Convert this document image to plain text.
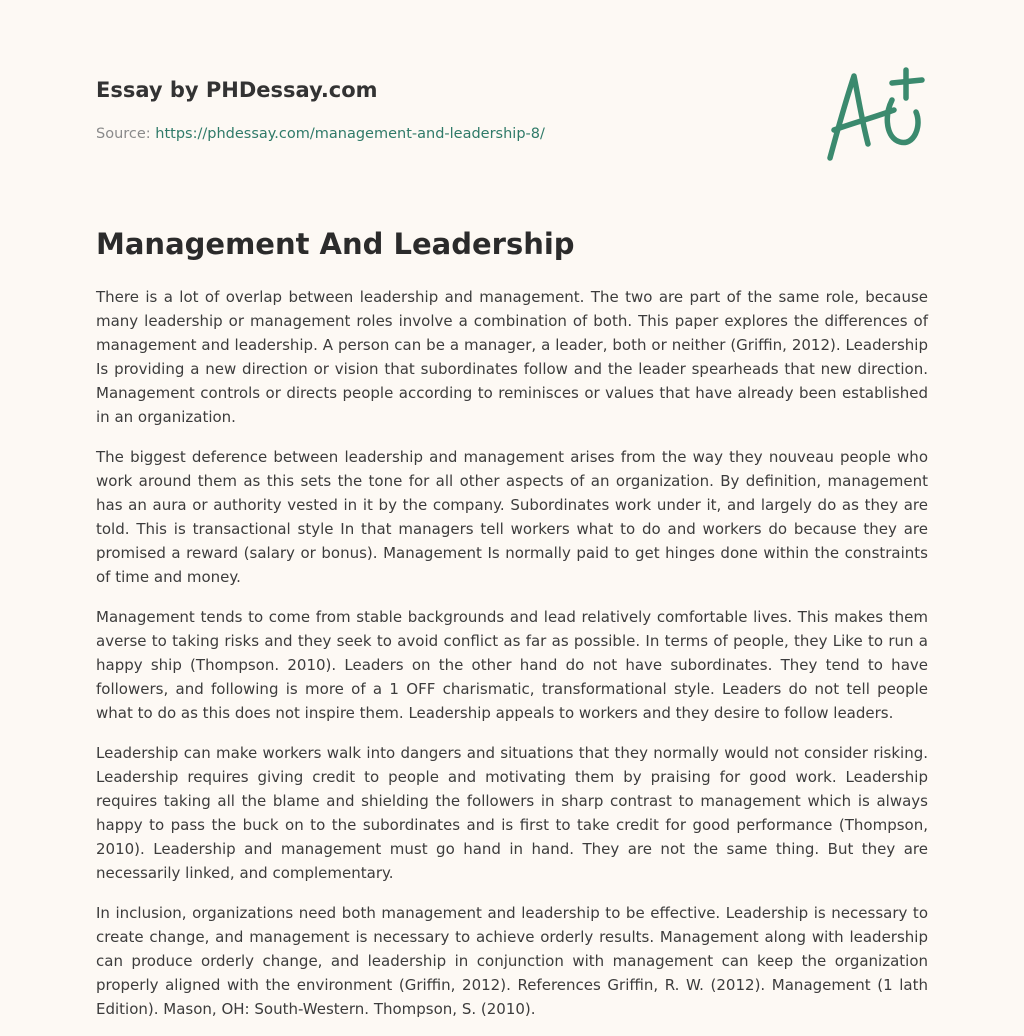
Essay by PHDessay.com
Source: https://phdessay.com/management-and-leadership-8/
Management And Leadership

There is a lot of overlap between leadership and management. The two are part of the same role, because many leadership or management roles involve a combination of both. This paper explores the differences of management and leadership. A person can be a manager, a leader, both or neither (Griffin, 2012). Leadership Is providing a new direction or vision that subordinates follow and the leader spearheads that new direction. Management controls or directs people according to reminisces or values that have already been established in an organization.

The biggest deference between leadership and management arises from the way they nouveau people who work around them as this sets the tone for all other aspects of an organization. By definition, management has an aura or authority vested in it by the company. Subordinates work under it, and largely do as they are told. This is transactional style In that managers tell workers what to do and workers do because they are promised a reward (salary or bonus). Management Is normally paid to get hinges done within the constraints of time and money.

Management tends to come from stable backgrounds and lead relatively comfortable lives. This makes them averse to taking risks and they seek to avoid conflict as far as possible. In terms of people, they Like to run a happy ship (Thompson. 2010). Leaders on the other hand do not have subordinates. They tend to have followers, and following is more of a 1 OFF charismatic, transformational style. Leaders do not tell people what to do as this does not inspire them. Leadership appeals to workers and they desire to follow leaders.

Leadership can make workers walk into dangers and situations that they normally would not consider risking. Leadership requires giving credit to people and motivating them by praising for good work. Leadership requires taking all the blame and shielding the followers in sharp contrast to management which is always happy to pass the buck on to the subordinates and is first to take credit for good performance (Thompson, 2010). Leadership and management must go hand in hand. They are not the same thing. But they are necessarily linked, and complementary.

In inclusion, organizations need both management and leadership to be effective. Leadership is necessary to create change, and management is necessary to achieve orderly results. Management along with leadership can produce orderly change, and leadership in conjunction with management can keep the organization properly aligned with the environment (Griffin, 2012). References Griffin, R. W. (2012). Management (1 lath Edition). Mason, OH: South-Western. Thompson, S. (2010).
